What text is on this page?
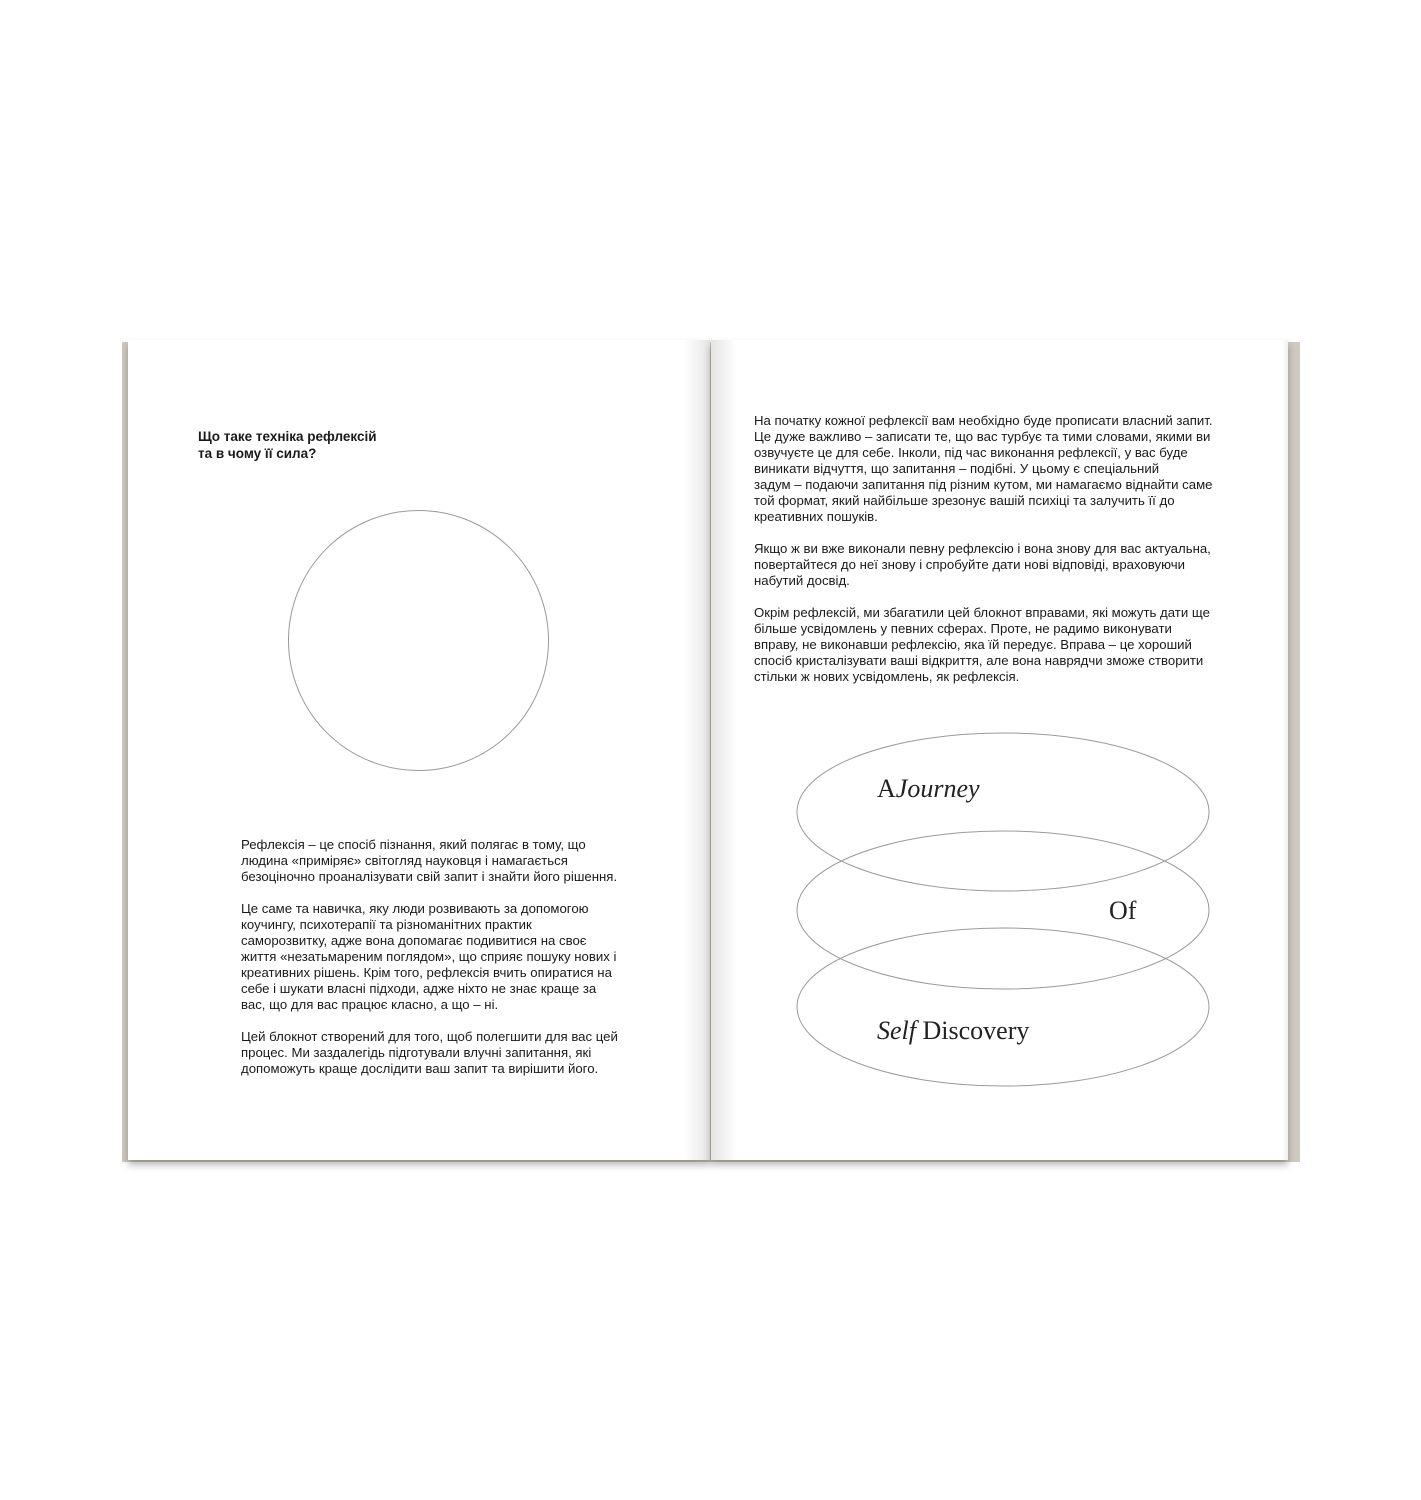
Що таке техніка рефлексій
та в чому її сила?
Рефлексія – це спосіб пізнання, який полягає в тому, що
людина «приміряє» світогляд науковця і намагається
безоціночно проаналізувати свій запит і знайти його рішення.
Це саме та навичка, яку люди розвивають за допомогою
коучингу, психотерапії та різноманітних практик
саморозвитку, адже вона допомагає подивитися на своє
життя «незатьмареним поглядом», що сприяє пошуку нових і
креативних рішень. Крім того, рефлексія вчить опиратися на
себе і шукати власні підходи, адже ніхто не знає краще за
вас, що для вас працює класно, а що – ні.
Цей блокнот створений для того, щоб полегшити для вас цей
процес. Ми заздалегідь підготували влучні запитання, які
допоможуть краще дослідити ваш запит та вирішити його.
На початку кожної рефлексії вам необхідно буде прописати власний запит.
Це дуже важливо – записати те, що вас турбує та тими словами, якими ви
озвучуєте це для себе. Інколи, під час виконання рефлексії, у вас буде
виникати відчуття, що запитання – подібні. У цьому є спеціальний
задум – подаючи запитання під різним кутом, ми намагаємо віднайти саме
той формат, який найбільше зрезонує вашій психіці та залучить її до
креативних пошуків.
Якщо ж ви вже виконали певну рефлексію і вона знову для вас актуальна,
повертайтеся до неї знову і спробуйте дати нові відповіді, враховуючи
набутий досвід.
Окрім рефлексій, ми збагатили цей блокнот вправами, які можуть дати ще
більше усвідомлень у певних сферах. Проте, не радимо виконувати
вправу, не виконавши рефлексію, яка їй передує. Вправа – це хороший
спосіб кристалізувати ваші відкриття, але вона наврядчи зможе створити
стільки ж нових усвідомлень, як рефлексія.
AJourney
Of
Self Discovery
